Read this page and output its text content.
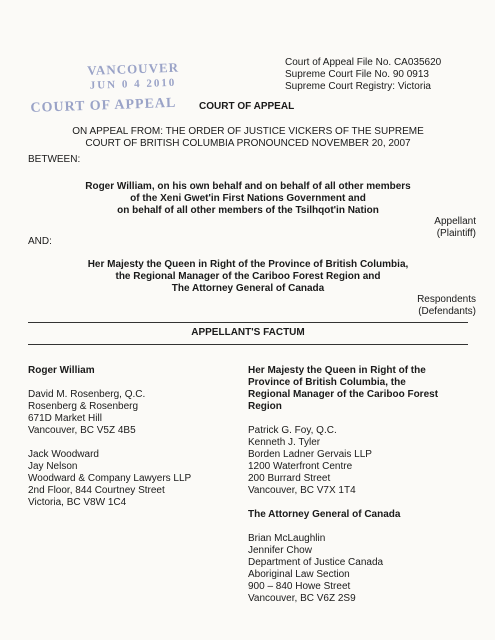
Court of Appeal File No. CA035620
Supreme Court File No. 90 0913
Supreme Court Registry: Victoria
VANCOUVER
JUN 0 4 2010
COURT OF APPEAL COURT OF APPEAL
ON APPEAL FROM: THE ORDER OF JUSTICE VICKERS OF THE SUPREME
COURT OF BRITISH COLUMBIA PRONOUNCED NOVEMBER 20, 2007
BETWEEN:
Roger William, on his own behalf and on behalf of all other members
of the Xeni Gwet'in First Nations Government and
on behalf of all other members of the Tsilhqot'in Nation
Appellant
(Plaintiff)
AND:
Her Majesty the Queen in Right of the Province of British Columbia,
the Regional Manager of the Cariboo Forest Region and
The Attorney General of Canada
Respondents
(Defendants)
APPELLANT'S FACTUM
Roger William
David M. Rosenberg, Q.C.
Rosenberg & Rosenberg
671D Market Hill
Vancouver, BC V5Z 4B5
Jack Woodward
Jay Nelson
Woodward & Company Lawyers LLP
2nd Floor, 844 Courtney Street
Victoria, BC V8W 1C4
Her Majesty the Queen in Right of the
Province of British Columbia, the
Regional Manager of the Cariboo Forest
Region
Patrick G. Foy, Q.C.
Kenneth J. Tyler
Borden Ladner Gervais LLP
1200 Waterfront Centre
200 Burrard Street
Vancouver, BC V7X 1T4
The Attorney General of Canada
Brian McLaughlin
Jennifer Chow
Department of Justice Canada
Aboriginal Law Section
900 – 840 Howe Street
Vancouver, BC V6Z 2S9
